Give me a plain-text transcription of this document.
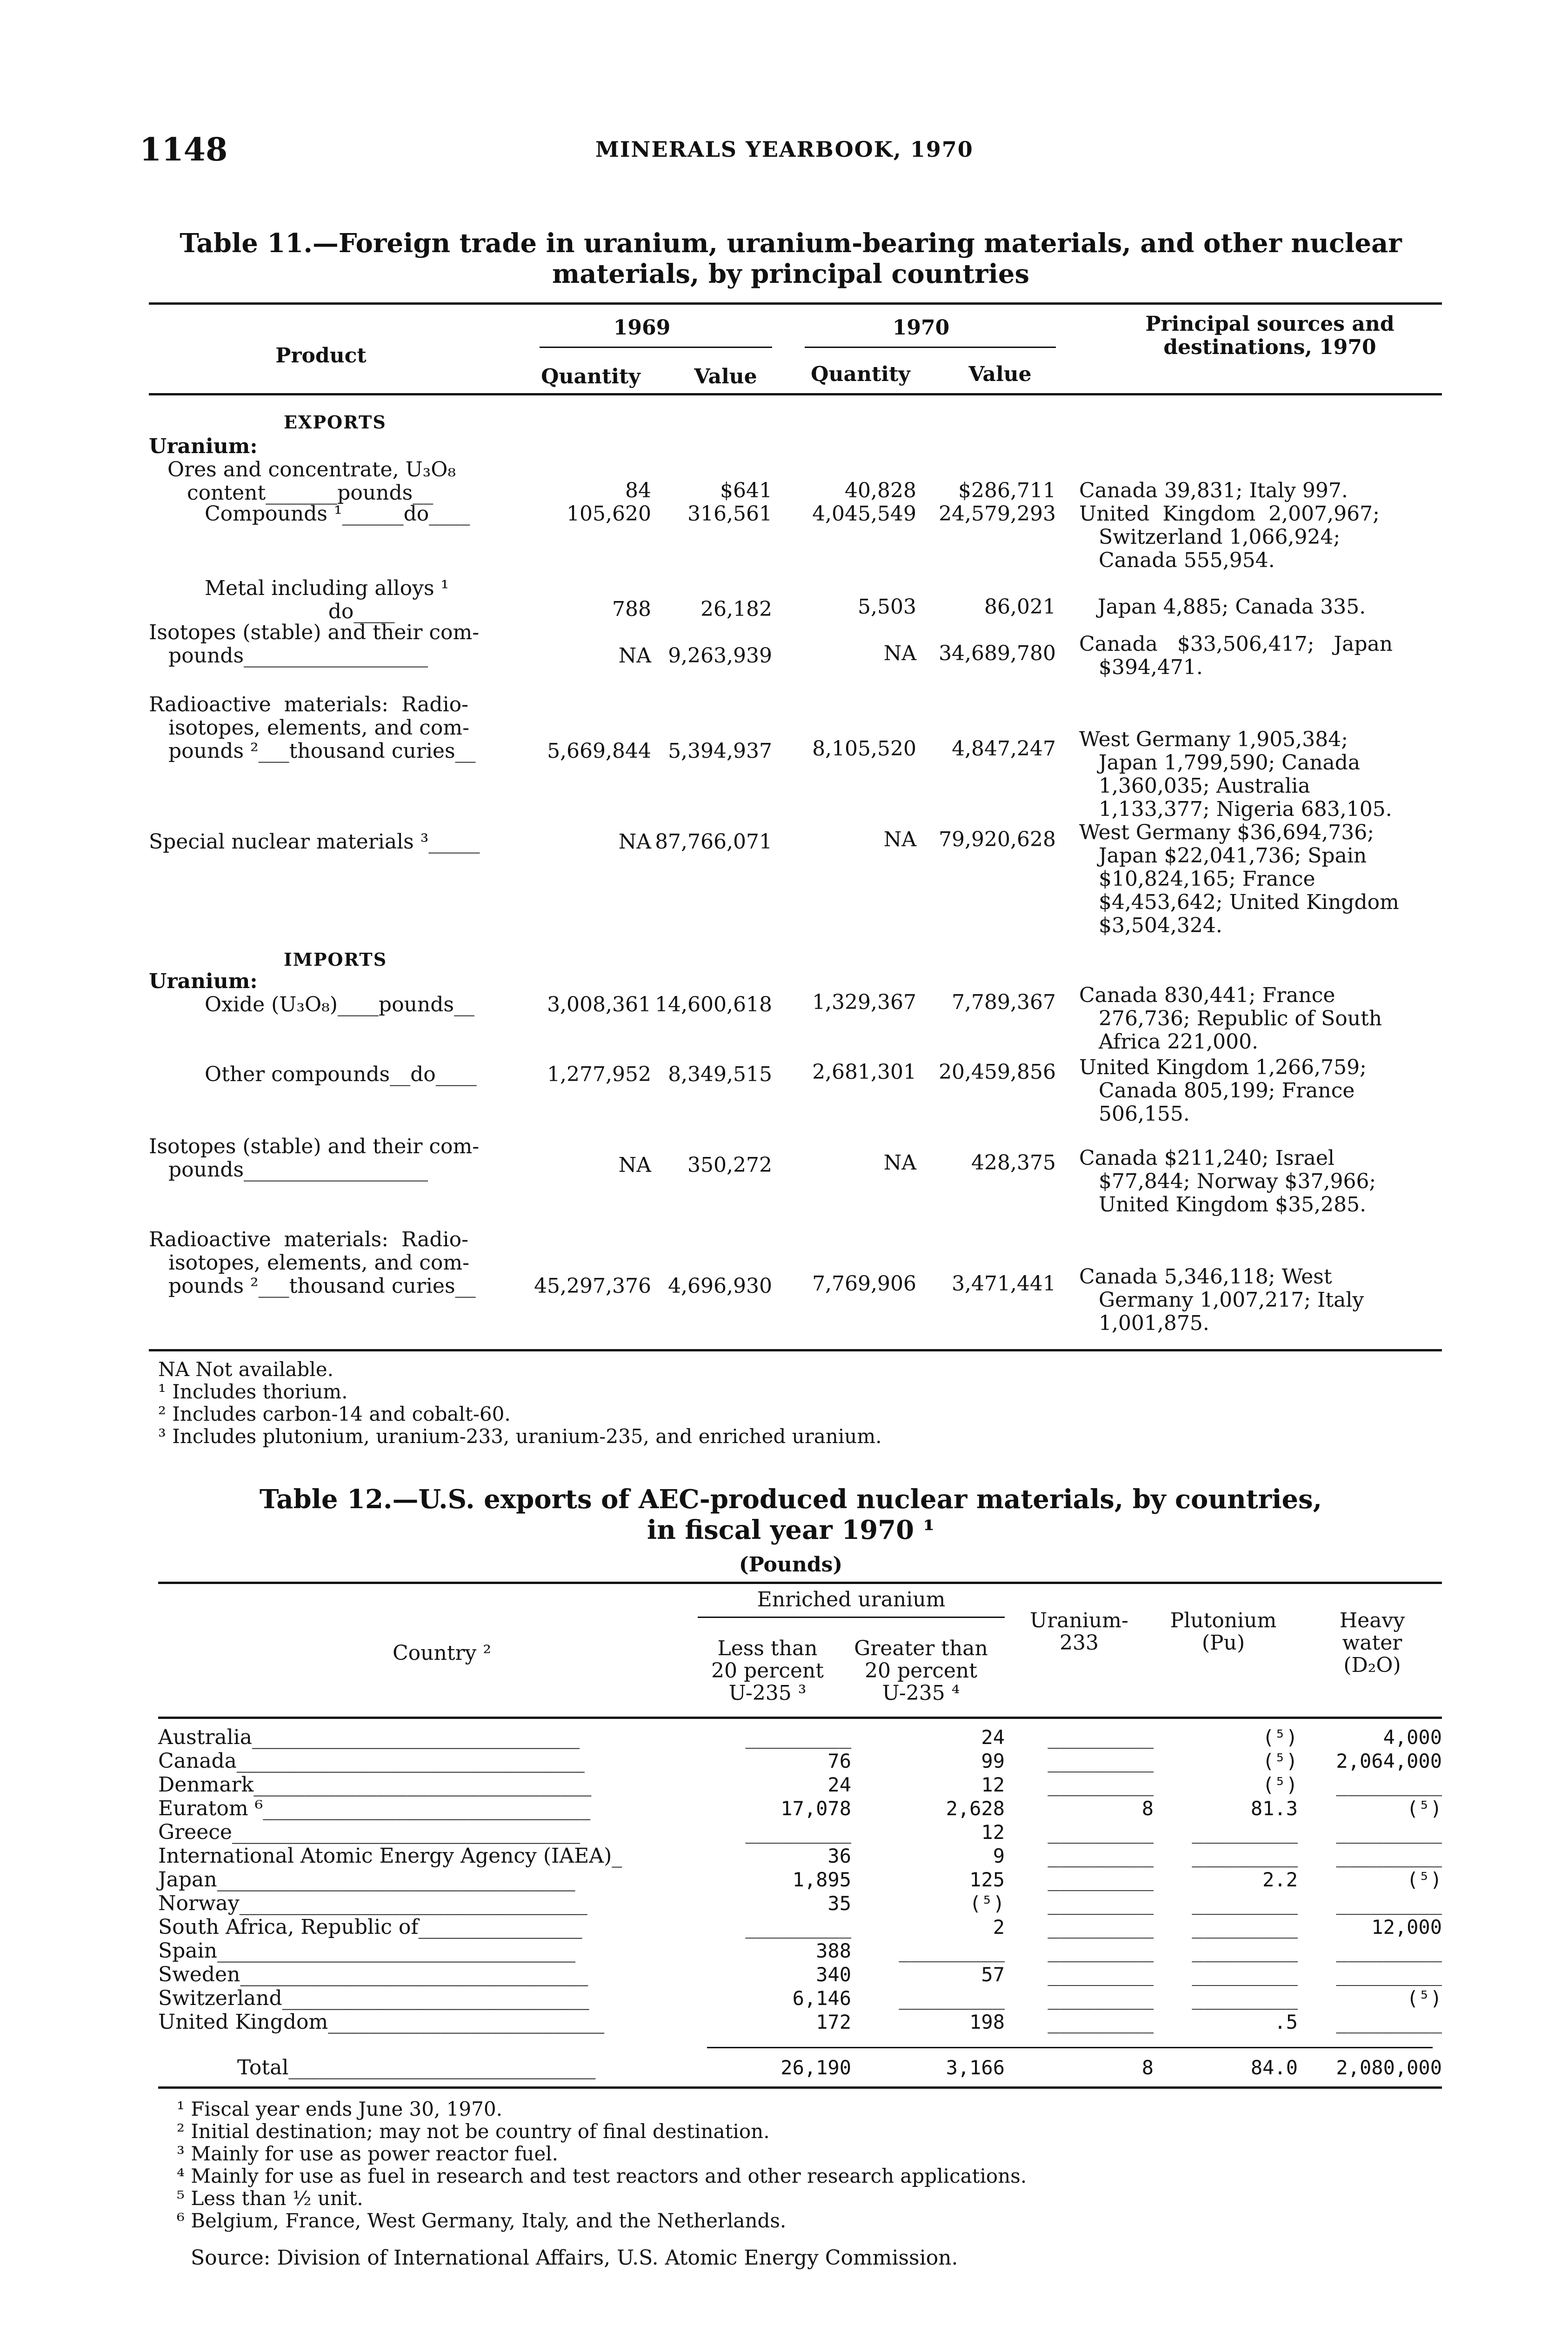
1148	MINERALS YEARBOOK, 1970
Table 11.—Foreign trade in uranium, uranium-bearing materials, and other nuclear
materials, by principal countries
Product
1969	1970	Principal sources and destinations, 1970
Quantity	Value	Quantity	Value
EXPORTS
Uranium:
Ores and concentrate, U₃O₈
content_______pounds__	84	$641	40,828	$286,711 Canada 39,831; Italy 997.
Compounds ¹______do____	105,620	316,561	4,045,549	24,579,293 United  Kingdom  2,007,967;
Switzerland 1,066,924;
Canada 555,954.
Metal including alloys ¹
do____	788	26,182	5,503	86,021 Japan 4,885; Canada 335.
Isotopes (stable) and their com-
pounds__________________	NA 9,263,939	NA	34,689,780 Canada   $33,506,417;   Japan
$394,471.
Radioactive  materials:  Radio-
isotopes, elements, and com-
pounds ²___thousand curies__	5,669,844 5,394,937	8,105,520	4,847,247 West Germany 1,905,384;
Japan 1,799,590; Canada
1,360,035; Australia
1,133,377; Nigeria 683,105.
Special nuclear materials ³_____	NA 87,766,071	NA	79,920,628 West Germany $36,694,736;
Japan $22,041,736; Spain
$10,824,165; France
$4,453,642; United Kingdom
$3,504,324.
IMPORTS
Uranium:
Oxide (U₃O₈)____pounds__	3,008,361 14,600,618	1,329,367	7,789,367 Canada 830,441; France
276,736; Republic of South
Africa 221,000.
Other compounds__do____	1,277,952 8,349,515	2,681,301	20,459,856 United Kingdom 1,266,759;
Canada 805,199; France
506,155.
Isotopes (stable) and their com-
pounds__________________	NA	350,272	NA	428,375 Canada $211,240; Israel
$77,844; Norway $37,966;
United Kingdom $35,285.
Radioactive  materials:  Radio-
isotopes, elements, and com-
pounds ²___thousand curies__	45,297,376 4,696,930	7,769,906	3,471,441 Canada 5,346,118; West
Germany 1,007,217; Italy
1,001,875.
NA Not available.
¹ Includes thorium.
² Includes carbon-14 and cobalt-60.
³ Includes plutonium, uranium-233, uranium-235, and enriched uranium.
Table 12.—U.S. exports of AEC-produced nuclear materials, by countries,
in fiscal year 1970 ¹
(Pounds)
Country ²
Enriched uranium
Less than
20 percent
U-235 ³
Greater than
20 percent
U-235 ⁴
Uranium-
233
Plutonium
(Pu)
Heavy
water
(D₂O)
Australia________________________________	_________	24	_________	(⁵)	4,000
Canada__________________________________	76	99	_________	(⁵)	2,064,000
Denmark_________________________________	24	12	_________	(⁵)	_________
Euratom ⁶________________________________	17,078	2,628	8	81.3	(⁵)
Greece__________________________________	_________	12	_________	_________	_________
International Atomic Energy Agency (IAEA)_	36	9	_________	_________	_________
Japan___________________________________	1,895	125	_________	2.2	(⁵)
Norway__________________________________	35	(⁵)	_________	_________	_________
South Africa, Republic of________________	_________	2	_________	_________	12,000
Spain___________________________________	388	_________	_________	_________	_________
Sweden__________________________________	340	57	_________	_________	_________
Switzerland______________________________	6,146	_________	_________	_________	(⁵)
United Kingdom___________________________	172	198	_________	.5	_________
Total______________________________	26,190	3,166	8	84.0	2,080,000
¹ Fiscal year ends June 30, 1970.
² Initial destination; may not be country of final destination.
³ Mainly for use as power reactor fuel.
⁴ Mainly for use as fuel in research and test reactors and other research applications.
⁵ Less than ½ unit.
⁶ Belgium, France, West Germany, Italy, and the Netherlands.
Source: Division of International Affairs, U.S. Atomic Energy Commission.
